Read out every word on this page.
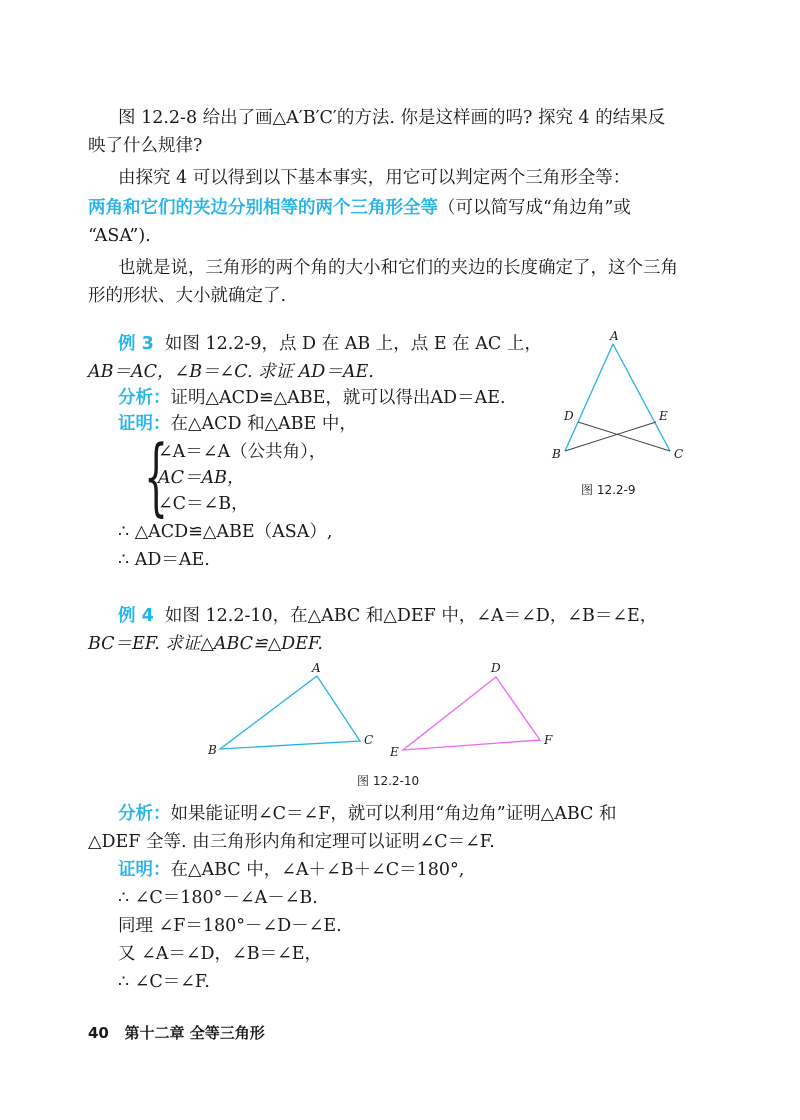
图 12.2-8 给出了画△A′B′C′的方法. 你是这样画的吗? 探究 4 的结果反
映了什么规律?
由探究 4 可以得到以下基本事实，用它可以判定两个三角形全等：
两角和它们的夹边分别相等的两个三角形全等（可以简写成“角边角”或
“ASA”).
也就是说，三角形的两个角的大小和它们的夹边的长度确定了，这个三角
形的形状、大小就确定了.
例 3 如图 12.2-9，点 D 在 AB 上，点 E 在 AC 上，
AB＝AC，∠B＝∠C. 求证 AD＝AE.
分析：证明△ACD≌△ABE，就可以得出AD＝AE.
证明：在△ACD 和△ABE 中，
{
∠A＝∠A（公共角），
AC＝AB，
∠C＝∠B，
∴ △ACD≌△ABE（ASA）,
∴ AD＝AE.
A
B	C
D	E
图 12.2-9
例 4 如图 12.2-10，在△ABC 和△DEF 中，∠A＝∠D，∠B＝∠E，
BC＝EF. 求证△ABC≌△DEF.
A
B
C
D
E
F
图 12.2-10
分析：如果能证明∠C＝∠F，就可以利用“角边角”证明△ABC 和
△DEF 全等. 由三角形内角和定理可以证明∠C＝∠F.
证明：在△ABC 中，∠A＋∠B＋∠C＝180°,
∴ ∠C＝180°－∠A－∠B.
同理 ∠F＝180°－∠D－∠E.
又 ∠A＝∠D，∠B＝∠E，
∴ ∠C＝∠F.
40 第十二章 全等三角形
